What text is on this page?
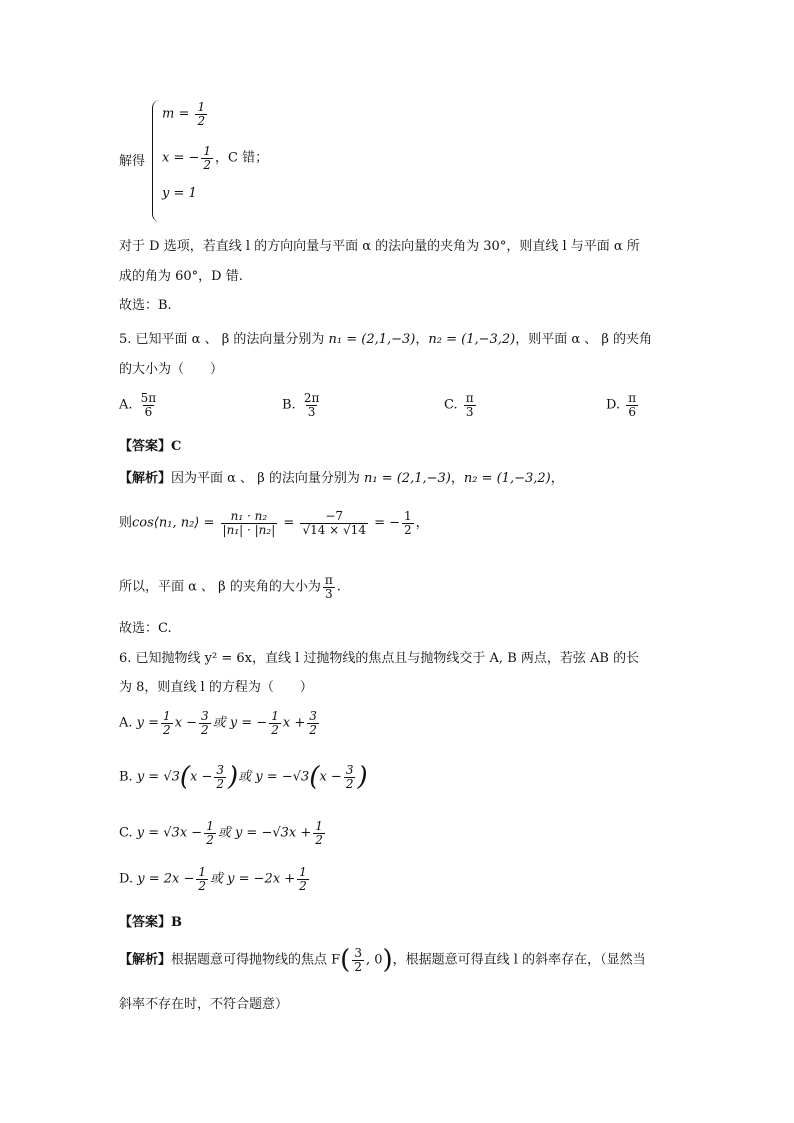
解得
$m = \frac{1}{2}$
x = − $\frac{1}{2}$ ，C 错；
y = 1
对于 D 选项，若直线 l 的方向向量与平面 α 的法向量的夹角为 30°，则直线 l 与平面 α 所
成的角为 60°，D 错.
故选：B.
5. 已知平面 α 、 β 的法向量分别为 n₁ = (2,1,−3)，n₂ = (1,−3,2)，则平面 α 、 β 的夹角
的大小为（　　）
A. $\frac{5\pi}{6}$	B. $\frac{2\pi}{3}$	C. $\frac{\pi}{3}$	D. $\frac{\pi}{6}$
【答案】C
【解析】因为平面 α 、 β 的法向量分别为 n₁ = (2,1,−3)，n₂ = (1,−3,2)，
则cos⟨n₁, n₂⟩ = $\frac{\text{n₁ · n₂}}{\text{|n₁| · |n₂|}} = \frac{-7}{√14 \times √14}$ = − $\frac{1}{2}$ ，
所以，平面 α 、 β 的夹角的大小为 $\frac{\pi}{3}$ .
故选：C.
6. 已知抛物线 y² = 6x，直线 l 过抛物线的焦点且与抛物线交于 A, B 两点，若弦 AB 的长
为 8，则直线 l 的方程为（　　）
A. $y = \frac{1}{2}$ $x - \frac{3}{2}$ 或 y = − $\frac{1}{2}$ $x + \frac{3}{2}$
B. $y = √3(x - \frac{3}{2}$ )或 $y = -√3(x - \frac{3}{2}$ )
C. $y = √3x - \frac{1}{2}$ 或 $y = -√3x + \frac{1}{2}$
D. $y = 2x - \frac{1}{2}$ 或 $y = -2x + \frac{1}{2}$
【答案】B
【解析】根据题意可得抛物线的焦点 $F( \frac{3}{2}$ , 0)，根据题意可得直线 l 的斜率存在，（显然当
斜率不存在时，不符合题意）
